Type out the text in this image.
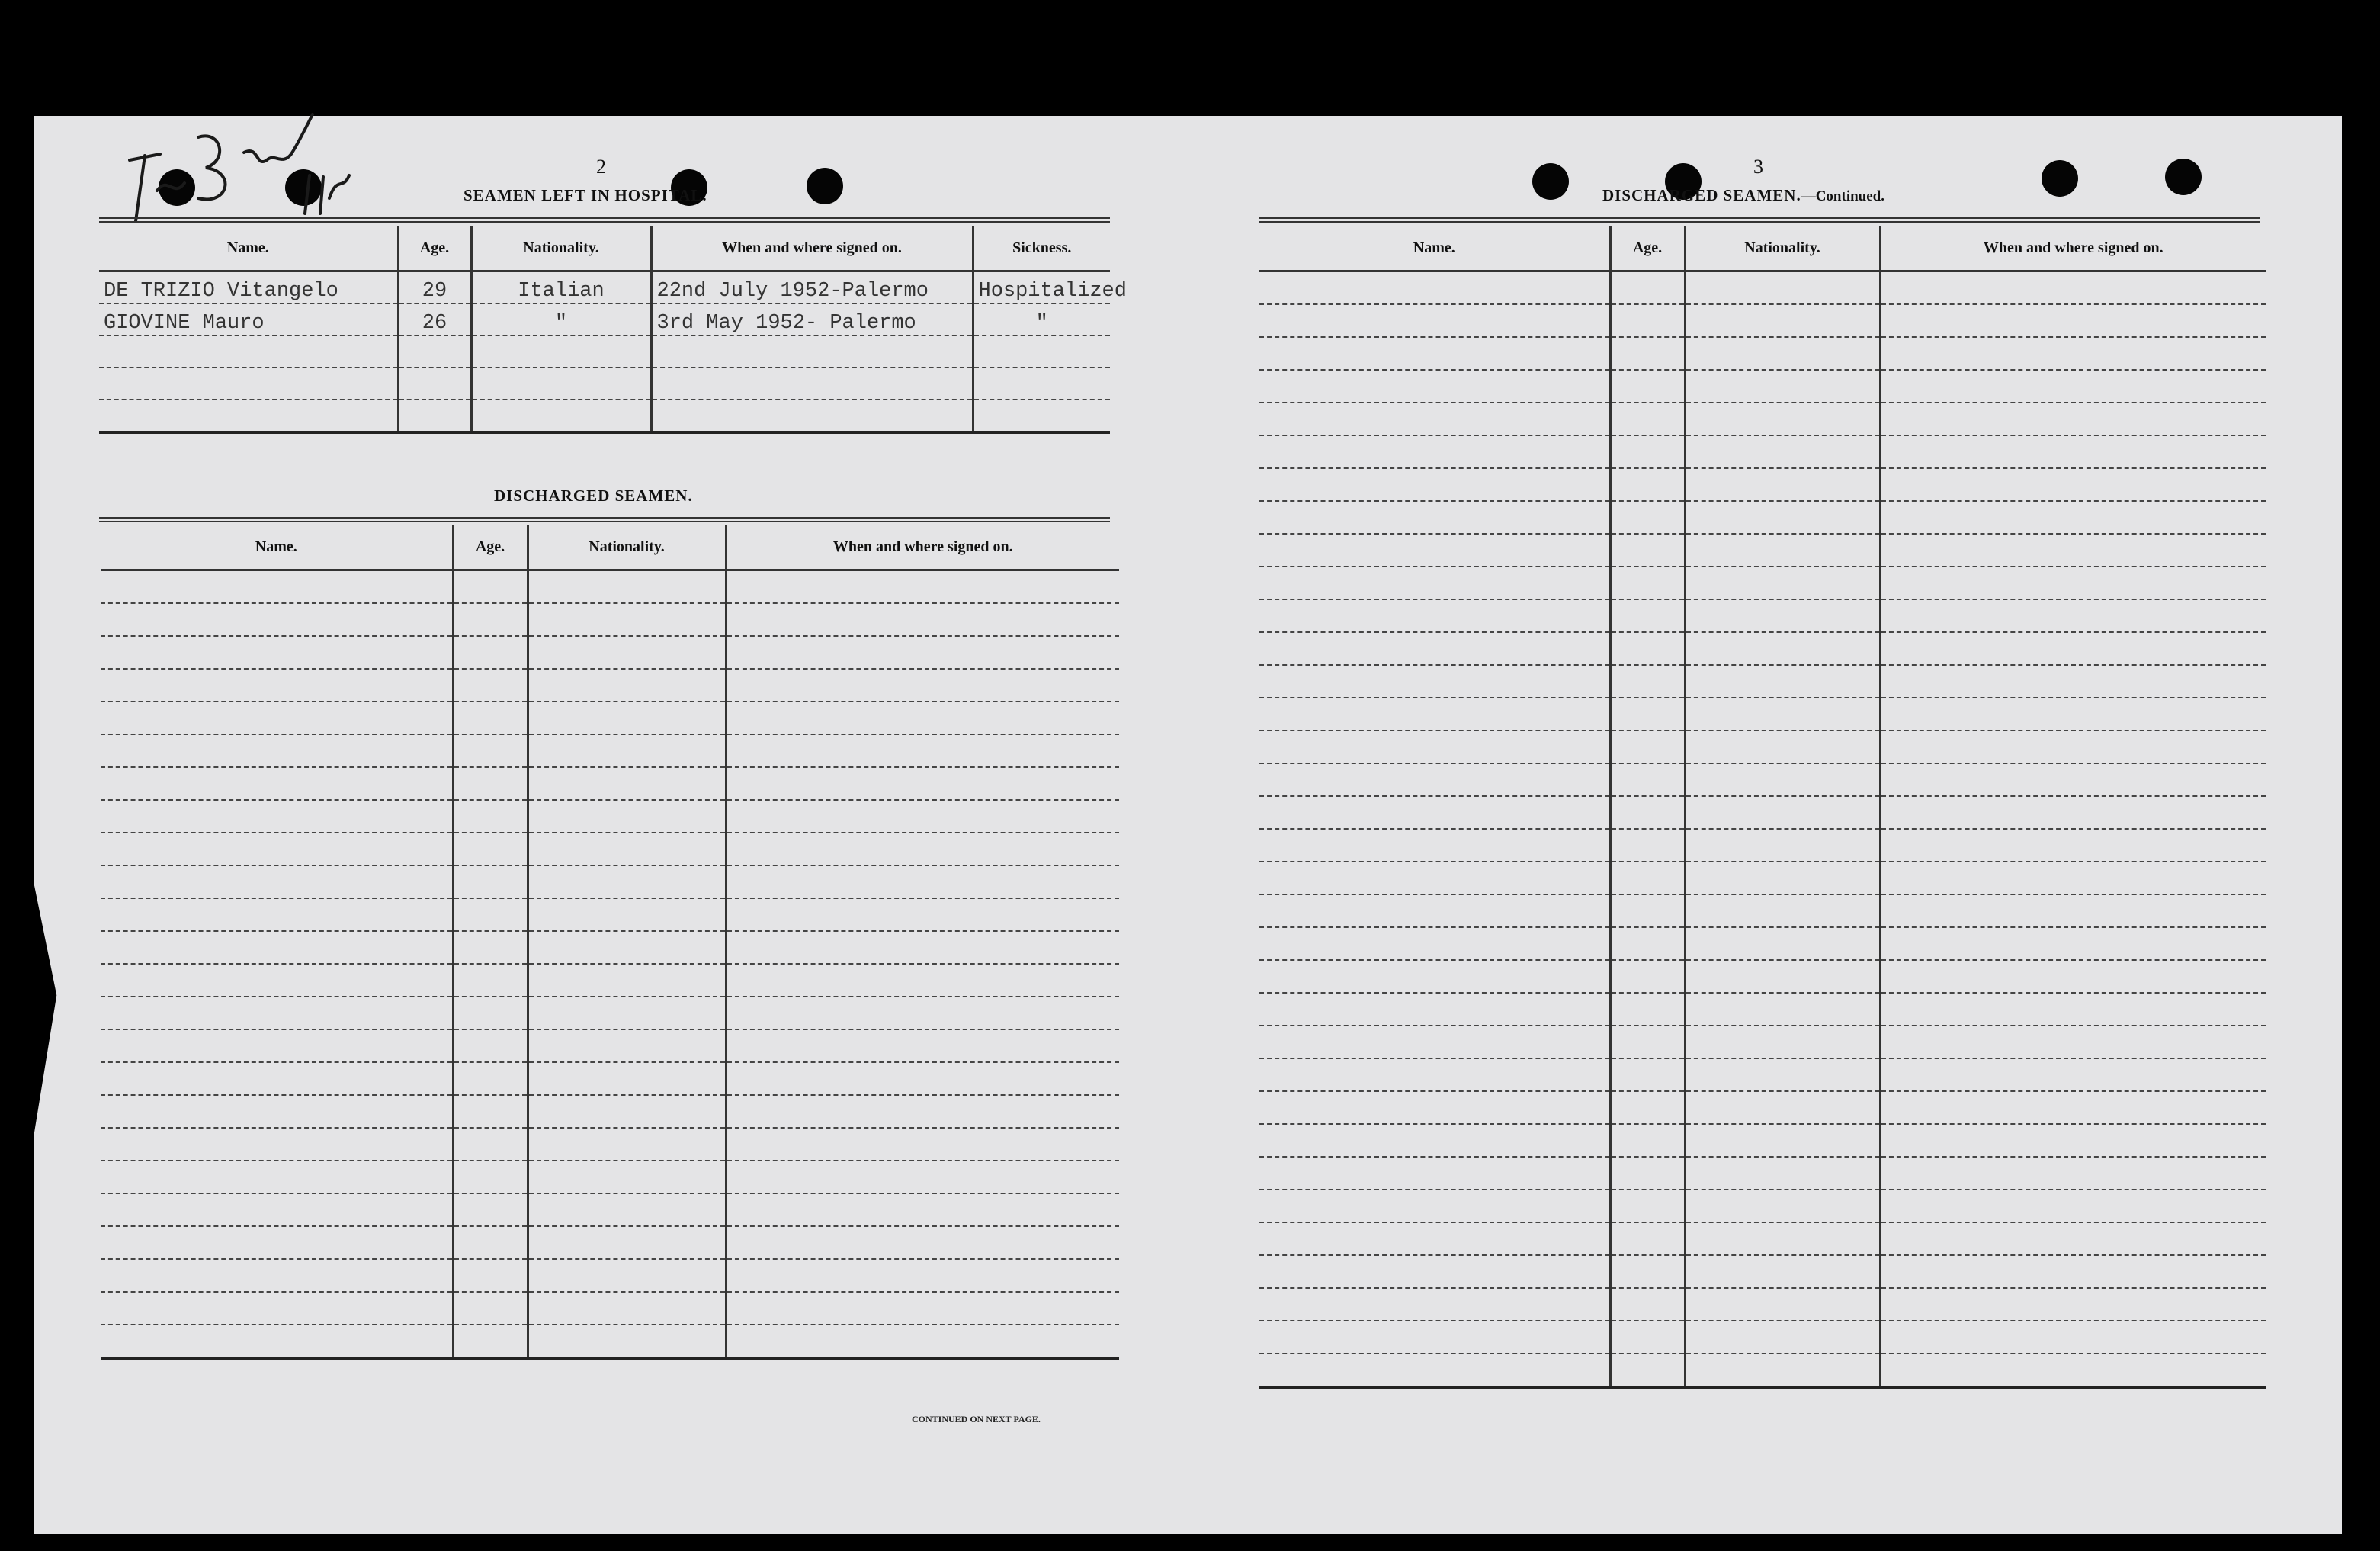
2
SEAMEN LEFT IN HOSPITAL.
Name.	Age.	Nationality.	When and where signed on.	Sickness.
DE TRIZIO Vitangelo	29	Italian	22nd July 1952-Palermo	Hospitalized
GIOVINE Mauro	26	"	3rd May 1952- Palermo	"

DISCHARGED SEAMEN.
Name.	Age.	Nationality.	When and where signed on.

CONTINUED ON NEXT PAGE.
3
DISCHARGED SEAMEN.—Continued.
Name.	Age.	Nationality.	When and where signed on.
